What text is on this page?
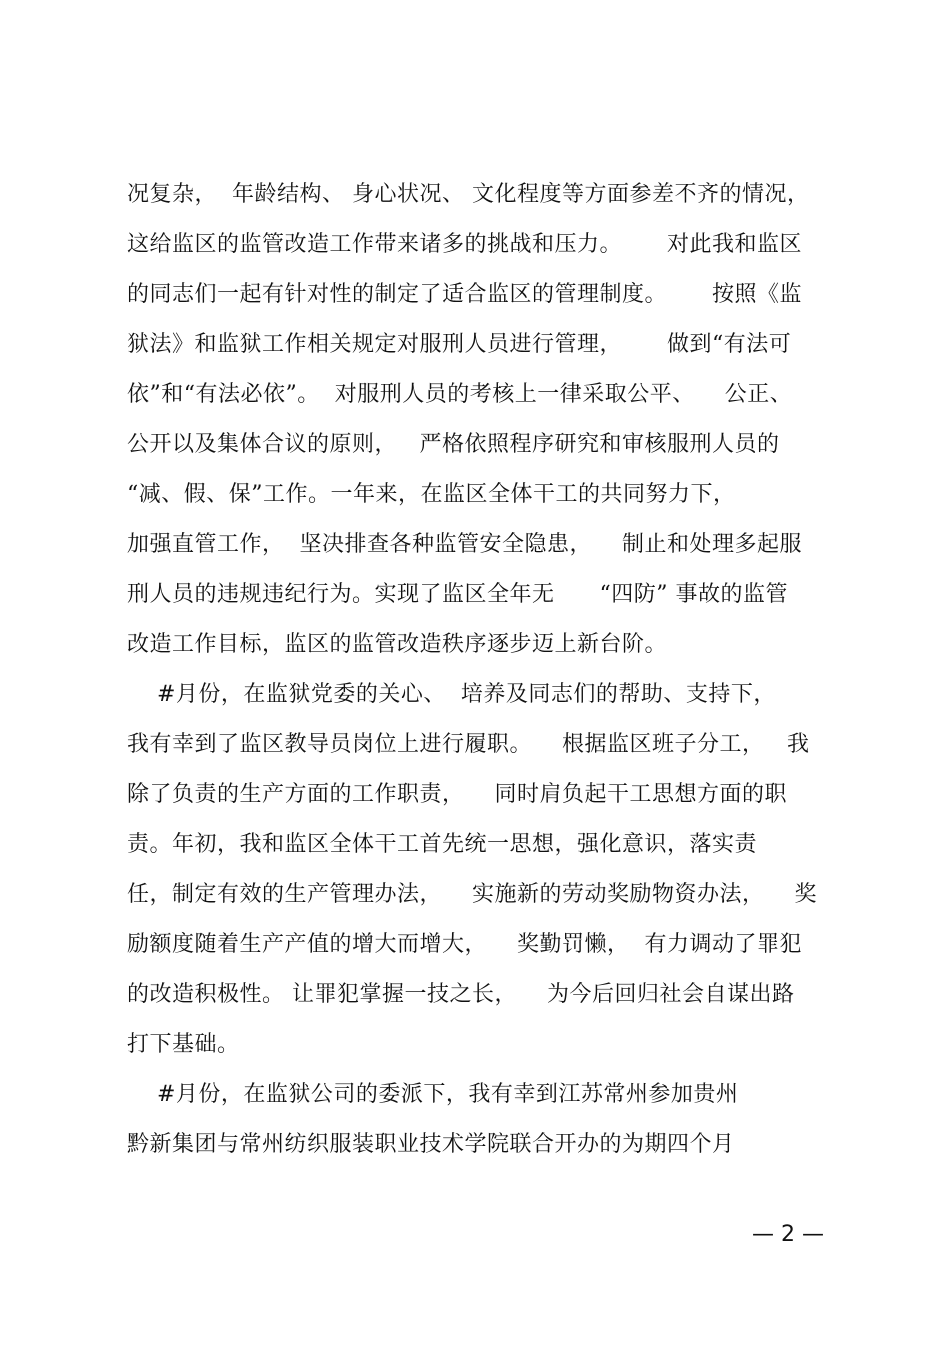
况复杂，  年龄结构、 身心状况、 文化程度等方面参差不齐的情况，
这给监区的监管改造工作带来诸多的挑战和压力。      对此我和监区
的同志们一起有针对性的制定了适合监区的管理制度。      按照《监
狱法》和监狱工作相关规定对服刑人员进行管理，      做到“有法可
依”和“有法必依”。  对服刑人员的考核上一律采取公平、    公正、
公开以及集体合议的原则，   严格依照程序研究和审核服刑人员的
“减、假、保”工作。一年来，在监区全体干工的共同努力下，
加强直管工作，  坚决排查各种监管安全隐患，    制止和处理多起服
刑人员的违规违纪行为。实现了监区全年无      “四防” 事故的监管
改造工作目标，监区的监管改造秩序逐步迈上新台阶。
#月份，在监狱党委的关心、  培养及同志们的帮助、支持下，
我有幸到了监区教导员岗位上进行履职。    根据监区班子分工，   我
除了负责的生产方面的工作职责，    同时肩负起干工思想方面的职
责。年初，我和监区全体干工首先统一思想，强化意识，落实责
任，制定有效的生产管理办法，    实施新的劳动奖励物资办法，    奖
励额度随着生产产值的增大而增大，    奖勤罚懒，  有力调动了罪犯
的改造积极性。 让罪犯掌握一技之长，    为今后回归社会自谋出路
打下基础。
#月份，在监狱公司的委派下，我有幸到江苏常州参加贵州
黔新集团与常州纺织服装职业技术学院联合开办的为期四个月
— 2 —
